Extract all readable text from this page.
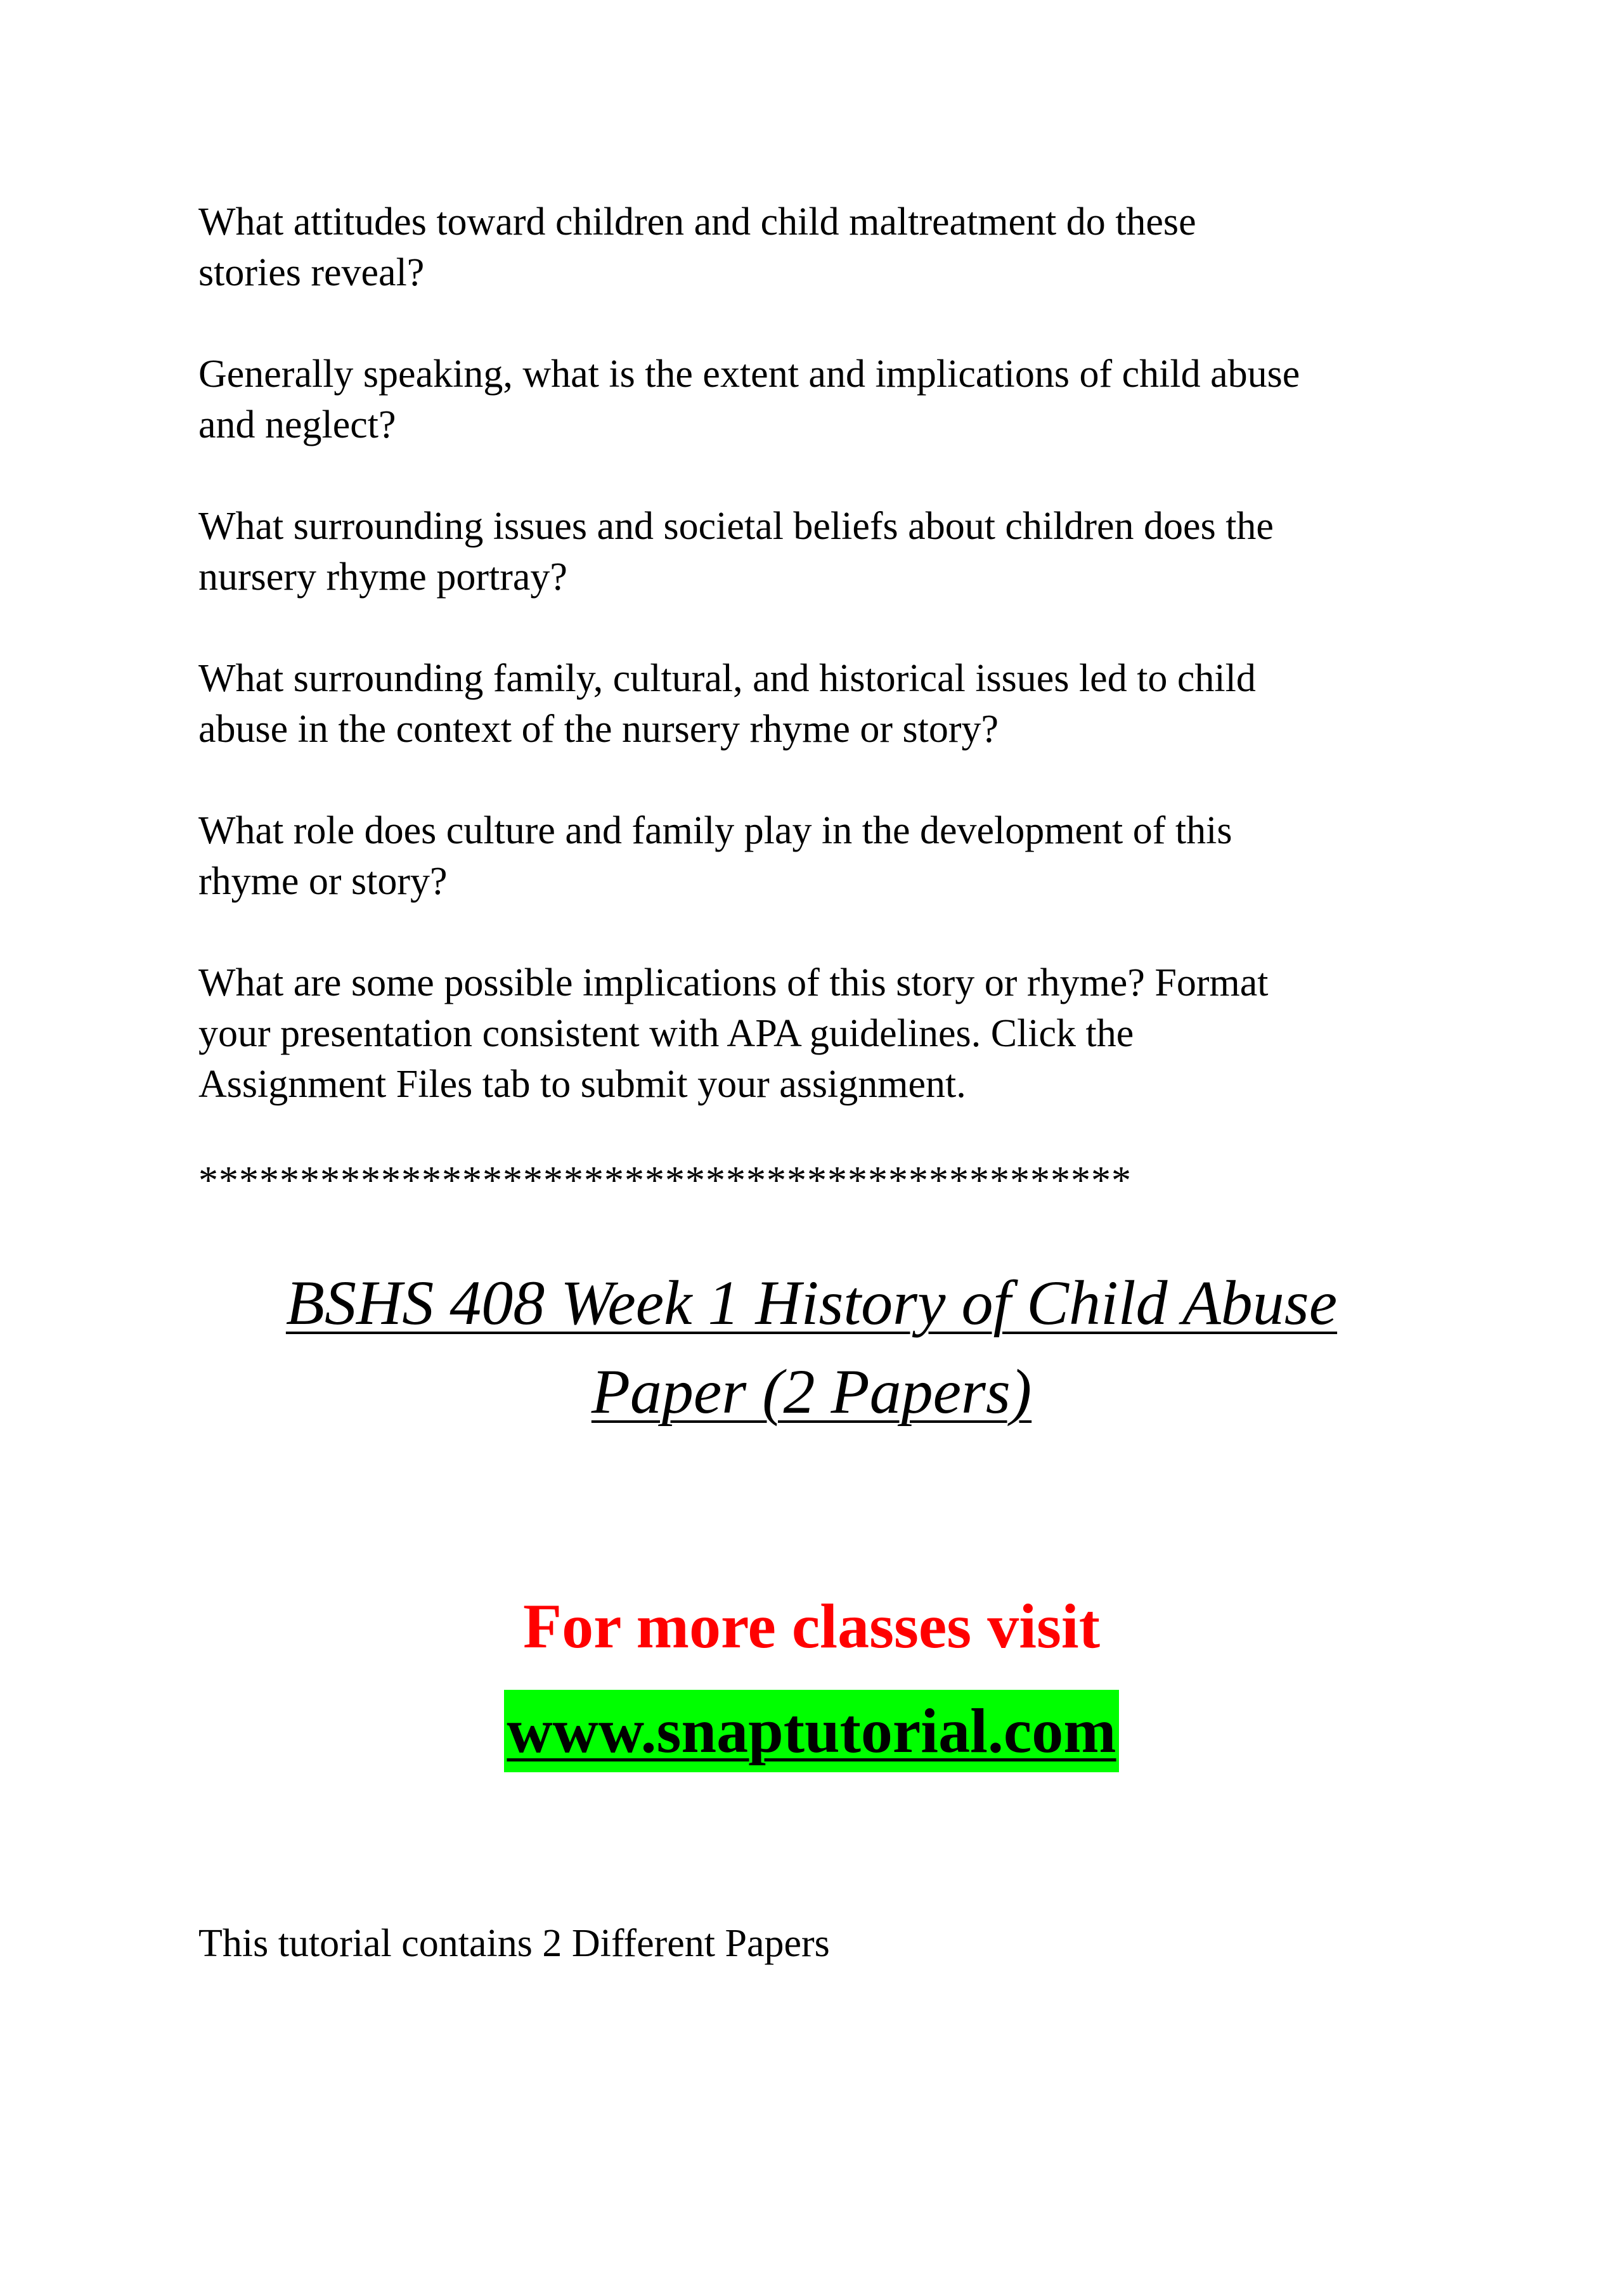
What attitudes toward children and child maltreatment do these
stories reveal?

Generally speaking, what is the extent and implications of child abuse
and neglect?

What surrounding issues and societal beliefs about children does the
nursery rhyme portray?

What surrounding family, cultural, and historical issues led to child
abuse in the context of the nursery rhyme or story?

What role does culture and family play in the development of this
rhyme or story?

What are some possible implications of this story or rhyme? Format
your presentation consistent with APA guidelines. Click the
Assignment Files tab to submit your assignment.

**********************************************

BSHS 408 Week 1 History of Child Abuse

Paper (2 Papers)

For more classes visit

www.snaptutorial.com

This tutorial contains 2 Different Papers
